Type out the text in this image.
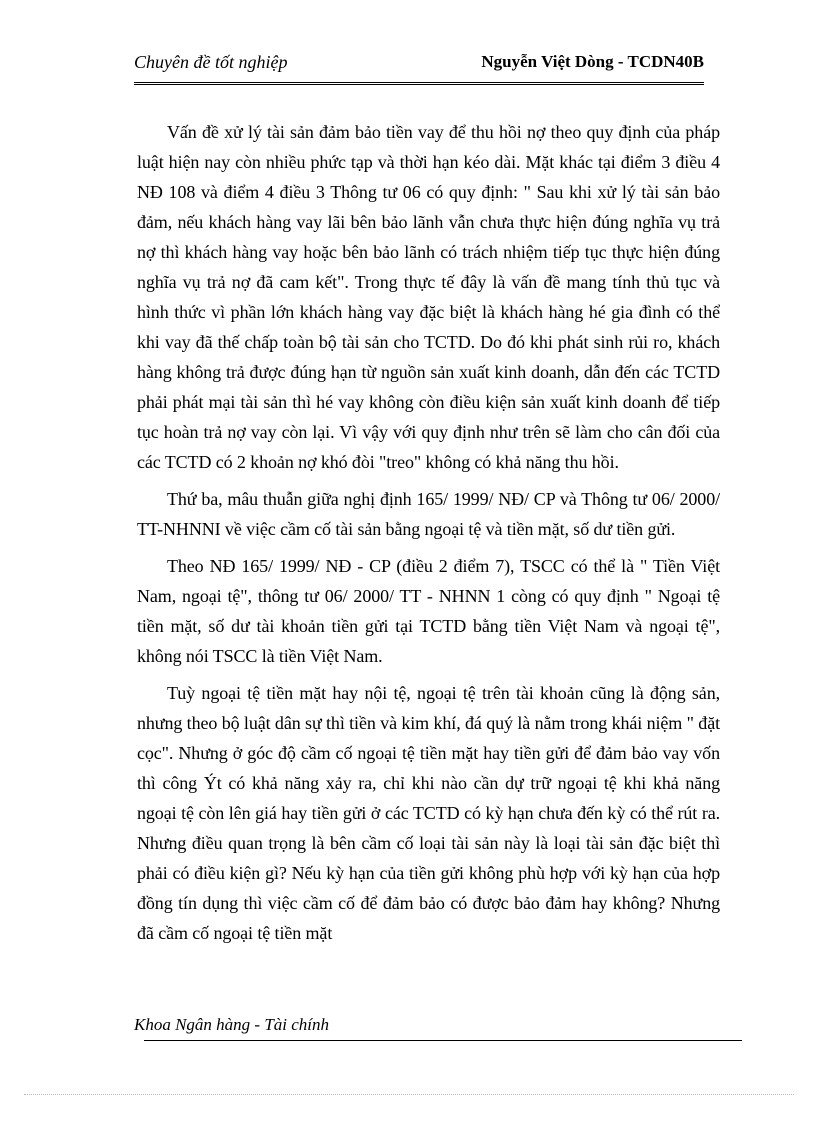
Chuyên đề tốt nghiệp	Nguyễn Việt Dòng - TCDN40B

Vấn đề xử lý tài sản đảm bảo tiền vay để thu hồi nợ theo quy định của pháp luật hiện nay còn nhiều phức tạp và thời hạn kéo dài. Mặt khác tại điểm 3 điều 4 NĐ 108 và điểm 4 điều 3 Thông tư 06 có quy định: " Sau khi xử lý tài sản bảo đảm, nếu khách hàng vay lãi bên bảo lãnh vẫn chưa thực hiện đúng nghĩa vụ trả nợ thì khách hàng vay hoặc bên bảo lãnh có trách nhiệm tiếp tục thực hiện đúng nghĩa vụ trả nợ đã cam kết". Trong thực tế đây là vấn đề mang tính thủ tục và hình thức vì phần lớn khách hàng vay đặc biệt là khách hàng hé gia đình có thể khi vay đã thế chấp toàn bộ tài sản cho TCTD. Do đó khi phát sinh rủi ro, khách hàng không trả được đúng hạn từ nguồn sản xuất kinh doanh, dẫn đến các TCTD phải phát mại tài sản thì hé vay không còn điều kiện sản xuất kinh doanh để tiếp tục hoàn trả nợ vay còn lại. Vì vậy với quy định như trên sẽ làm cho cân đối của các TCTD có 2 khoản nợ khó đòi "treo" không có khả năng thu hồi.

Thứ ba, mâu thuẫn giữa nghị định 165/ 1999/ NĐ/ CP và Thông tư 06/ 2000/ TT-NHNNI về việc cầm cố tài sản bằng ngoại tệ và tiền mặt, số dư tiền gửi.

Theo NĐ 165/ 1999/ NĐ - CP (điều 2 điểm 7), TSCC có thể là " Tiền Việt Nam, ngoại tệ", thông tư 06/ 2000/ TT - NHNN 1 còng có quy định " Ngoại tệ tiền mặt, số dư tài khoản tiền gửi tại TCTD bằng tiền Việt Nam và ngoại tệ", không nói TSCC là tiền Việt Nam.

Tuỳ ngoại tệ tiền mặt hay nội tệ, ngoại tệ trên tài khoản cũng là động sản, nhưng theo bộ luật dân sự thì tiền và kim khí, đá quý là nằm trong khái niệm " đặt cọc". Nhưng ở góc độ cầm cố ngoại tệ tiền mặt hay tiền gửi để đảm bảo vay vốn thì công Ýt có khả năng xảy ra, chỉ khi nào cần dự trữ ngoại tệ khi khả năng ngoại tệ còn lên giá hay tiền gửi ở các TCTD có kỳ hạn chưa đến kỳ có thể rút ra. Nhưng điều quan trọng là bên cầm cố loại tài sản này là loại tài sản đặc biệt thì phải có điều kiện gì? Nếu kỳ hạn của tiền gửi không phù hợp với kỳ hạn của hợp đồng tín dụng thì việc cầm cố để đảm bảo có được bảo đảm hay không? Nhưng đã cầm cố ngoại tệ tiền mặt

Khoa Ngân hàng - Tài chính
